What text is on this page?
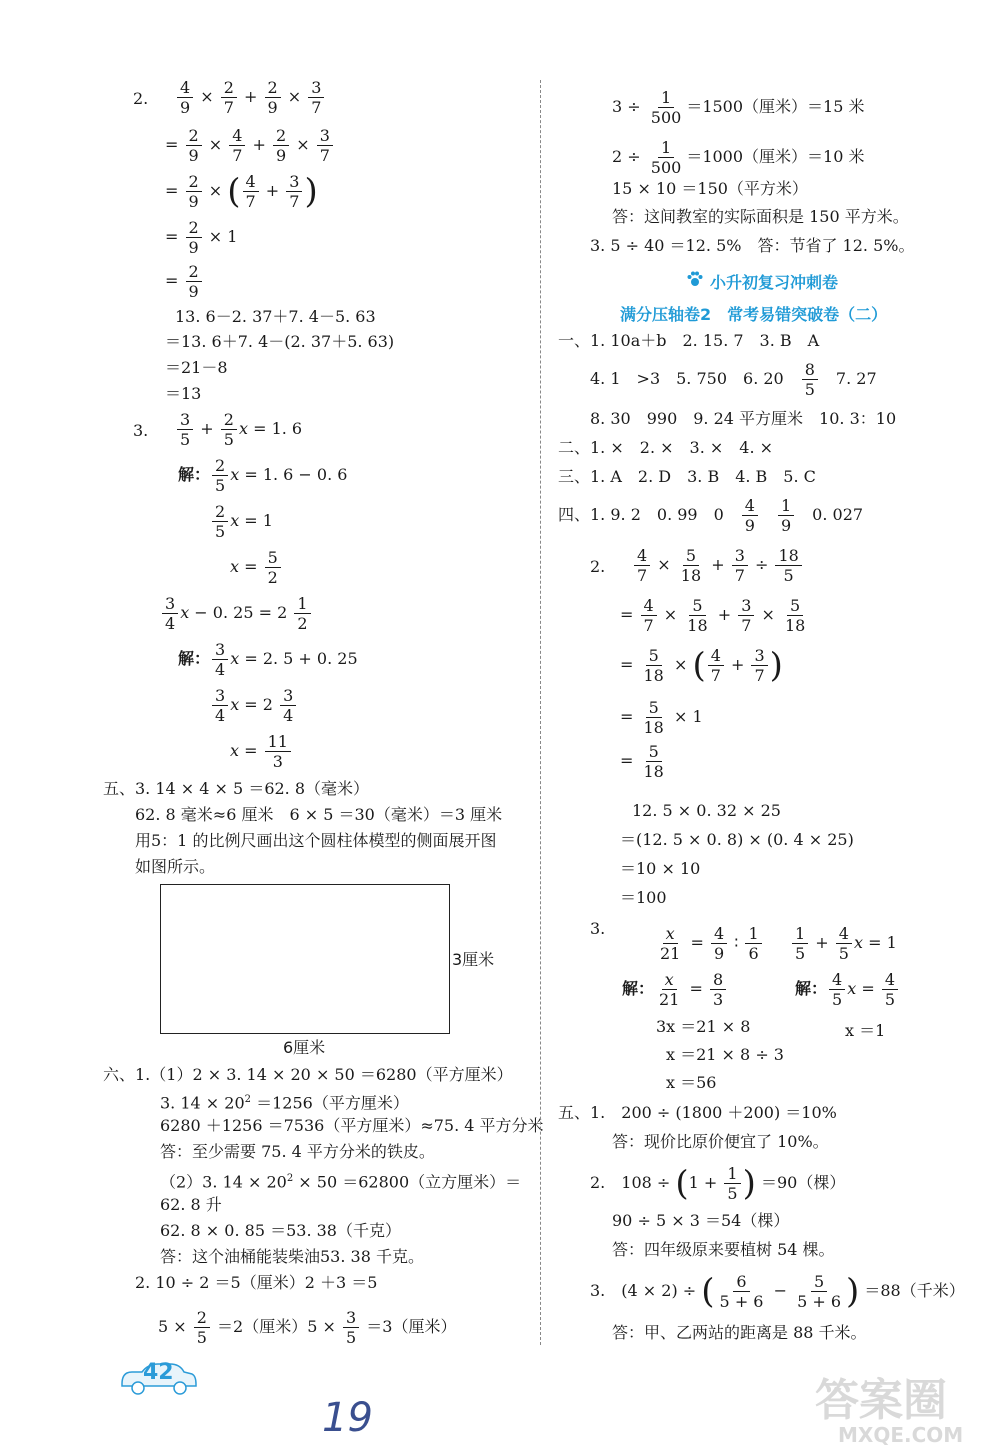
2. $\frac{4}{9} \times \frac{2}{7} + \frac{2}{9} \times \frac{3}{7}$
= $\frac{2}{9} \times \frac{4}{7} + \frac{2}{9} \times \frac{3}{7}$
= $\frac{2}{9}$ × ( $\frac{4}{7} + \frac{3}{7}$ )
= $\frac{2}{9} \times 1$
= $\frac{2}{9}$
13. 6－2. 37＋7. 4－5. 63
＝13. 6＋7. 4－(2. 37＋5. 63)
＝21－8
＝13
3. $\frac{3}{5} + \frac{2}{5}$ x = 1. 6
解： $\frac{2}{5}$ x = 1. 6 − 0. 6
$\frac{2}{5}$ x = 1
$x = \frac{5}{2}$
$\frac{3}{4}$ x − 0. $25 = 2 \frac{1}{2}$
解： $\frac{3}{4}$ x = 2. 5 + 0. 25
$\frac{3}{4}$ $x = 2 \frac{3}{4}$
$x = \frac{11}{3}$
五、3. 14 × 4 × 5 ＝62. 8（毫米）
62. 8 毫米≈6 厘米　6 × 5 ＝30（毫米）＝3 厘米
用5：1 的比例尺画出这个圆柱体模型的侧面展开图
如图所示。
3厘米
6厘米
六、1.（1）2 × 3. 14 × 20 × 50 ＝6280（平方厘米）
3. $14 \times 20^2 =1256$（平方厘米）
6280 ＋1256 ＝7536（平方厘米）≈75. 4 平方分米
答：至少需要 75. 4 平方分米的铁皮。
（2）3. $14 \times 20^2 \times 50 =62800$（立方厘米）＝
62. 8 升
62. 8 × 0. 85 ＝53. 38（千克）
答：这个油桶能装柴油53. 38 千克。
2. 10 ÷ 2 ＝5（厘米）2 ＋3 ＝5
$5 \times \frac{2}{5} =2$（厘米）$5 \times \frac{3}{5} =3$（厘米）
42
19
$3 \div \frac{1}{500} =1500$（厘米）＝15 米
$2 \div \frac{1}{500} =1000$（厘米）＝10 米
15 × 10 ＝150（平方米）
答：这间教室的实际面积是 150 平方米。
3. 5 ÷ 40 ＝12. 5%　答：节省了 12. 5%。
小升初复习冲刺卷
满分压轴卷2　常考易错突破卷（二）
一、1. 10a＋b　2. 15. 7　3. B　A
4. 1　>3　5. 750　6. 20　 $\frac{8}{5}$ 　7. 27
8. 30　990　9. 24 平方厘米　10. 3：10
二、1. ×　2. ×　3. ×　4. ×
三、1. A　2. D　3. B　4. B　5. C
四、1. 9. 2　0. 99　0　 $\frac{4}{9}$
　 $\frac{1}{9}$ 　0. 027
2. $\frac{4}{7} \times \frac{5}{18} + \frac{3}{7} \div \frac{18}{5}$
= $\frac{4}{7} \times \frac{5}{18} + \frac{3}{7} \times \frac{5}{18}$
= $\frac{5}{18}$ × ( $\frac{4}{7} + \frac{3}{7}$ )
= $\frac{5}{18} \times 1$
= $\frac{5}{18}$
12. 5 × 0. 32 × 25
＝(12. 5 × 0. 8) × (0. 4 × 25)
＝10 × 10
＝100
3.	$\frac{x}{21} = \frac{4}{9}$ ∶ $\frac{1}{6} \frac{1}{5} + \frac{4}{5}$ x = 1
解： $\frac{x}{21} = \frac{8}{3}$	解： $\frac{4}{5}$ $x = \frac{4}{5}$
3x ＝21 × 8	x ＝1
x ＝21 × 8 ÷ 3
x ＝56
五、1.　200 ÷ (1800 ＋200) ＝10%
答：现价比原价便宜了 10%。
2.　$108 \div (1 + \frac{1}{5}$ ) ＝90（棵）
90 ÷ 5 × 3 ＝54（棵）
答：四年级原来要植树 54 棵。
3.　(4 × 2) ÷ ( $\frac{6}{5 + 6} - \frac{5}{5 + 6}$ ) ＝88（千米）
答：甲、乙两站的距离是 88 千米。
答案圈
MXQE.COM
